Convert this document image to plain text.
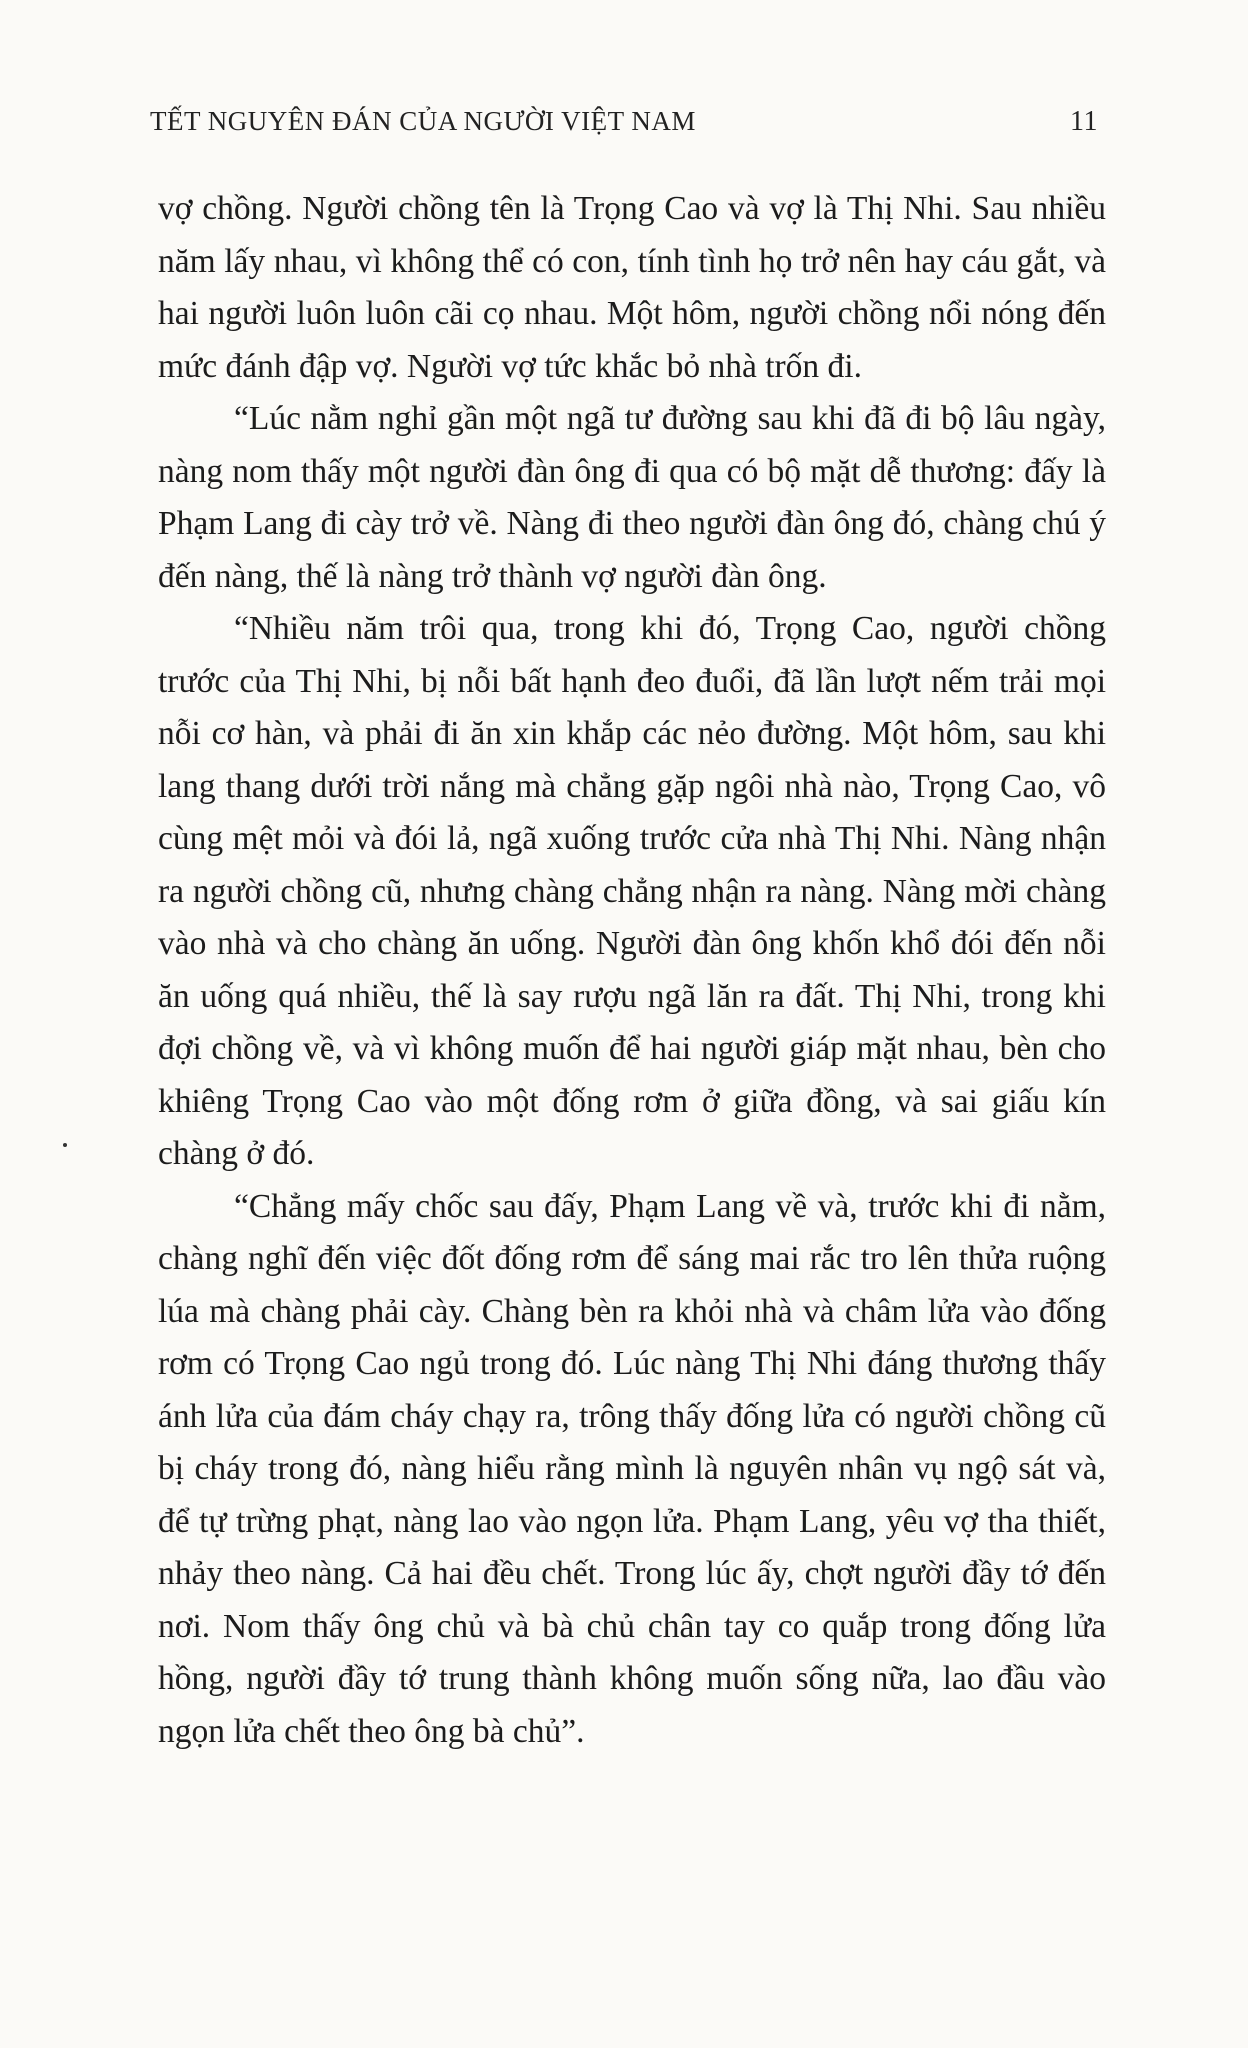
TẾT NGUYÊN ĐÁN CỦA NGƯỜI VIỆT NAM	11

vợ chồng. Người chồng tên là Trọng Cao và vợ là Thị Nhi. Sau nhiều năm lấy nhau, vì không thể có con, tính tình họ trở nên hay cáu gắt, và hai người luôn luôn cãi cọ nhau. Một hôm, người chồng nổi nóng đến mức đánh đập vợ. Người vợ tức khắc bỏ nhà trốn đi.

“Lúc nằm nghỉ gần một ngã tư đường sau khi đã đi bộ lâu ngày, nàng nom thấy một người đàn ông đi qua có bộ mặt dễ thương: đấy là Phạm Lang đi cày trở về. Nàng đi theo người đàn ông đó, chàng chú ý đến nàng, thế là nàng trở thành vợ người đàn ông.

“Nhiều năm trôi qua, trong khi đó, Trọng Cao, người chồng trước của Thị Nhi, bị nỗi bất hạnh đeo đuổi, đã lần lượt nếm trải mọi nỗi cơ hàn, và phải đi ăn xin khắp các nẻo đường. Một hôm, sau khi lang thang dưới trời nắng mà chẳng gặp ngôi nhà nào, Trọng Cao, vô cùng mệt mỏi và đói lả, ngã xuống trước cửa nhà Thị Nhi. Nàng nhận ra người chồng cũ, nhưng chàng chẳng nhận ra nàng. Nàng mời chàng vào nhà và cho chàng ăn uống. Người đàn ông khốn khổ đói đến nỗi ăn uống quá nhiều, thế là say rượu ngã lăn ra đất. Thị Nhi, trong khi đợi chồng về, và vì không muốn để hai người giáp mặt nhau, bèn cho khiêng Trọng Cao vào một đống rơm ở giữa đồng, và sai giấu kín chàng ở đó.

“Chẳng mấy chốc sau đấy, Phạm Lang về và, trước khi đi nằm, chàng nghĩ đến việc đốt đống rơm để sáng mai rắc tro lên thửa ruộng lúa mà chàng phải cày. Chàng bèn ra khỏi nhà và châm lửa vào đống rơm có Trọng Cao ngủ trong đó. Lúc nàng Thị Nhi đáng thương thấy ánh lửa của đám cháy chạy ra, trông thấy đống lửa có người chồng cũ bị cháy trong đó, nàng hiểu rằng mình là nguyên nhân vụ ngộ sát và, để tự trừng phạt, nàng lao vào ngọn lửa. Phạm Lang, yêu vợ tha thiết, nhảy theo nàng. Cả hai đều chết. Trong lúc ấy, chợt người đầy tớ đến nơi. Nom thấy ông chủ và bà chủ chân tay co quắp trong đống lửa hồng, người đầy tớ trung thành không muốn sống nữa, lao đầu vào ngọn lửa chết theo ông bà chủ”.
